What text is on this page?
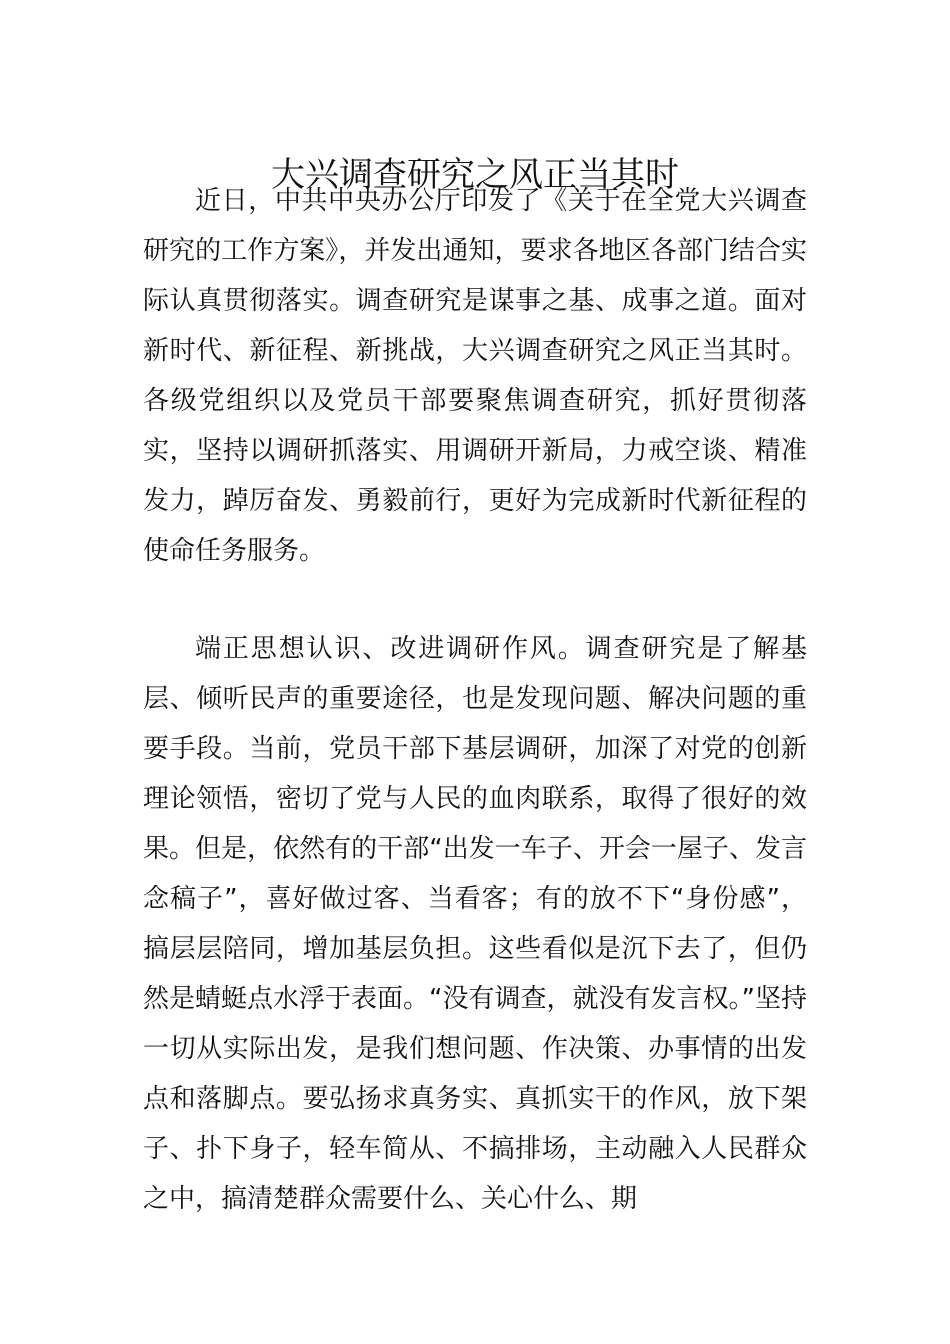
大兴调查研究之风正当其时

近日，中共中央办公厅印发了《关于在全党大兴调查研究的工作方案》，并发出通知，要求各地区各部门结合实际认真贯彻落实。调查研究是谋事之基、成事之道。面对新时代、新征程、新挑战，大兴调查研究之风正当其时。各级党组织以及党员干部要聚焦调查研究，抓好贯彻落实，坚持以调研抓落实、用调研开新局，力戒空谈、精准发力，踔厉奋发、勇毅前行，更好为完成新时代新征程的使命任务服务。

端正思想认识、改进调研作风。调查研究是了解基层、倾听民声的重要途径，也是发现问题、解决问题的重要手段。当前，党员干部下基层调研，加深了对党的创新理论领悟，密切了党与人民的血肉联系，取得了很好的效果。但是，依然有的干部“出发一车子、开会一屋子、发言念稿子”，喜好做过客、当看客；有的放不下“身份感”，搞层层陪同，增加基层负担。这些看似是沉下去了，但仍然是蜻蜓点水浮于表面。“没有调查，就没有发言权。”坚持一切从实际出发，是我们想问题、作决策、办事情的出发点和落脚点。要弘扬求真务实、真抓实干的作风，放下架子、扑下身子，轻车简从、不搞排场，主动融入人民群众之中，搞清楚群众需要什么、关心什么、期
